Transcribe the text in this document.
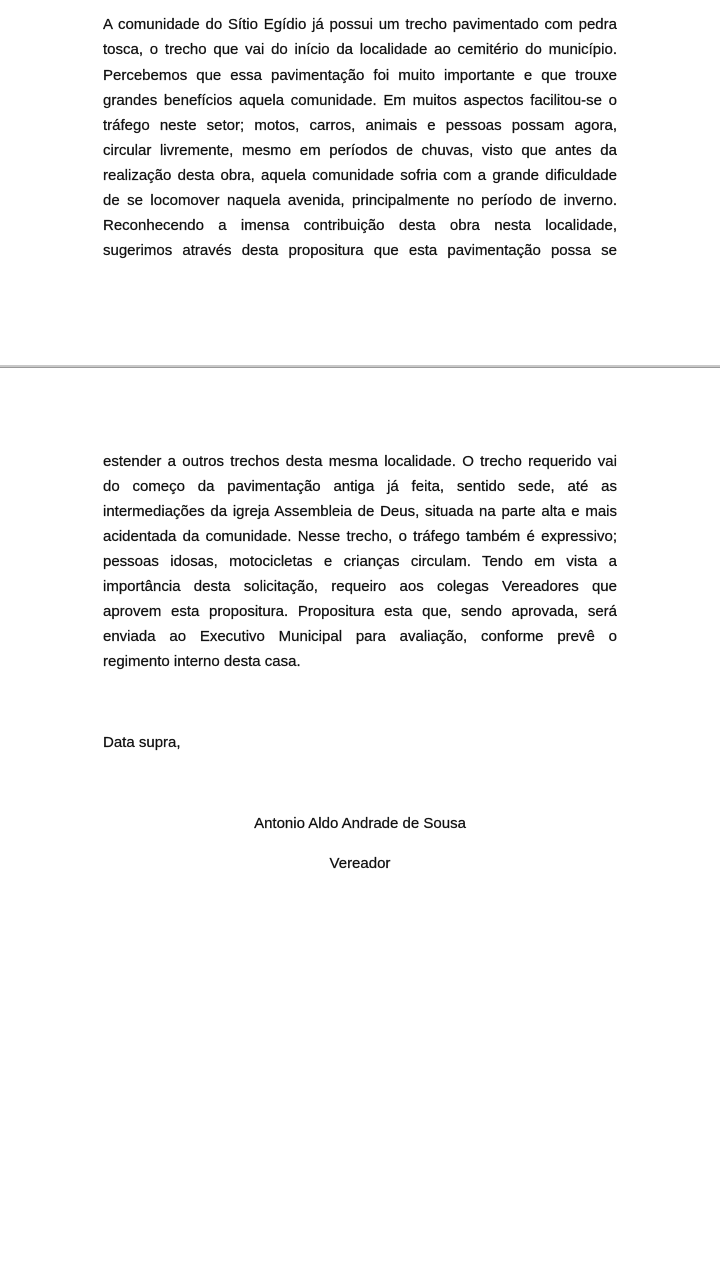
A comunidade do Sítio Egídio já possui um trecho pavimentado com pedra
tosca, o trecho que vai do início da localidade ao cemitério do município.
Percebemos que essa pavimentação foi muito importante e que trouxe
grandes benefícios aquela comunidade. Em muitos aspectos facilitou-se o
tráfego neste setor; motos, carros, animais e pessoas possam agora,
circular livremente, mesmo em períodos de chuvas, visto que antes da
realização desta obra, aquela comunidade sofria com a grande dificuldade
de se locomover naquela avenida, principalmente no período de inverno.
Reconhecendo a imensa contribuição desta obra nesta localidade,
sugerimos através desta propositura que esta pavimentação possa se
estender a outros trechos desta mesma localidade. O trecho requerido vai
do começo da pavimentação antiga já feita, sentido sede, até as
intermediações da igreja Assembleia de Deus, situada na parte alta e mais
acidentada da comunidade. Nesse trecho, o tráfego também é expressivo;
pessoas idosas, motocicletas e crianças circulam. Tendo em vista a
importância desta solicitação, requeiro aos colegas Vereadores que
aprovem esta propositura. Propositura esta que, sendo aprovada, será
enviada ao Executivo Municipal para avaliação, conforme prevê o
regimento interno desta casa.
Data supra,
Antonio Aldo Andrade de Sousa
Vereador
